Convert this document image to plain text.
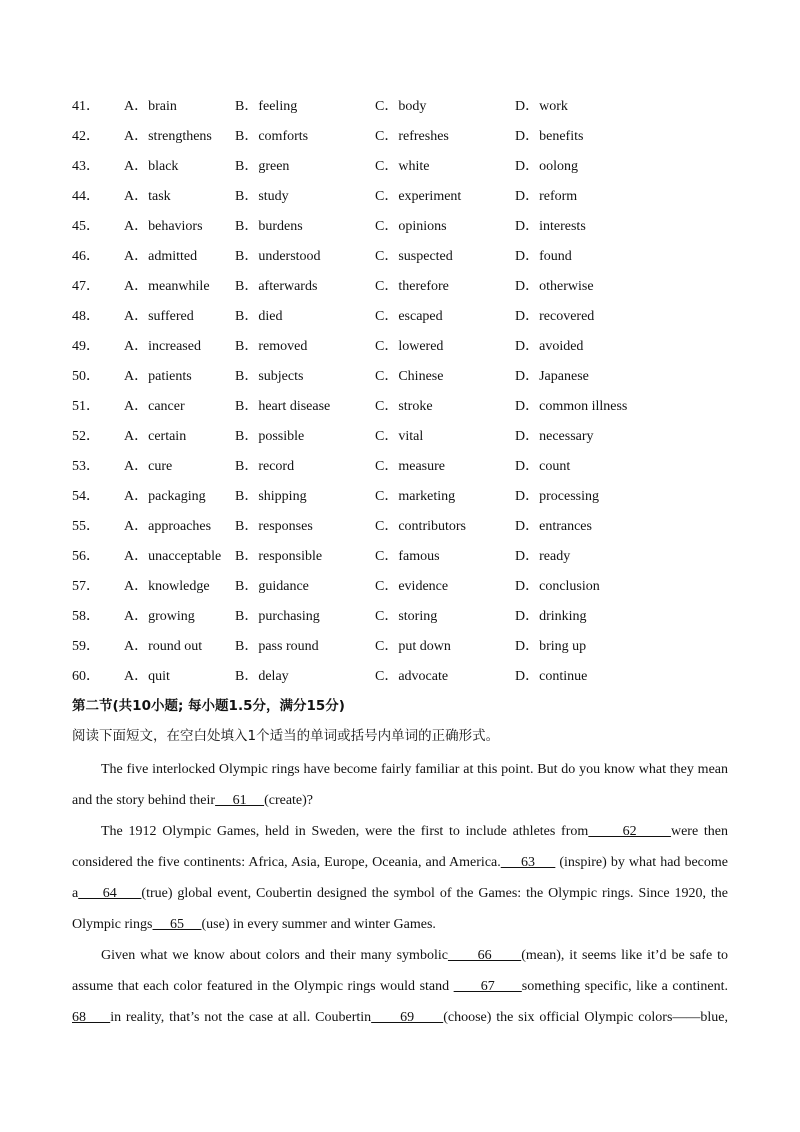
41． A．brain	B．feeling	C．body	D．work
42． A．strengthens B．comforts	C．refreshes	D．benefits
43． A．black	B．green	C．white	D．oolong
44． A．task	B．study	C．experiment	D．reform
45． A．behaviors B．burdens	C．opinions	D．interests
46． A．admitted	B．understood	C．suspected	D．found
47． A．meanwhile B．afterwards	C．therefore	D．otherwise
48． A．suffered	B．died	C．escaped	D．recovered
49． A．increased B．removed	C．lowered	D．avoided
50． A．patients	B．subjects	C．Chinese	D．Japanese
51． A．cancer	B．heart disease	C．stroke	D．common illness
52． A．certain	B．possible	C．vital	D．necessary
53． A．cure	B．record	C．measure	D．count
54． A．packaging B．shipping	C．marketing	D．processing
55． A．approaches B．responses	C．contributors	D．entrances
56． A．unacceptable B．responsible	C．famous	D．ready
57． A．knowledge B．guidance	C．evidence	D．conclusion
58． A．growing	B．purchasing	C．storing	D．drinking
59． A．round out B．pass round	C．put down	D．bring up
60． A．quit	B．delay	C．advocate	D．continue
第二节(共10小题; 每小题1.5分，满分15分)
阅读下面短文，在空白处填入1个适当的单词或括号内单词的正确形式。
The five interlocked Olympic rings have become fairly familiar at this point. But do you know what they mean
and the story behind their     61     (create)?
The 1912 Olympic Games, held in Sweden, were the first to include athletes from      62      were then
considered the five continents: Africa, Asia, Europe, Oceania, and America.     63      (inspire) by what had become
a     64     (true) global event, Coubertin designed the symbol of the Games: the Olympic rings. Since 1920, the
Olympic rings     65     (use) in every summer and winter Games.
Given what we know about colors and their many symbolic      66      (mean), it seems like it’d be safe to
assume that each color featured in the Olympic rings would stand       67      something specific, like a continent.
68     in reality, that’s not the case at all. Coubertin      69      (choose) the six official Olympic colors——blue,
